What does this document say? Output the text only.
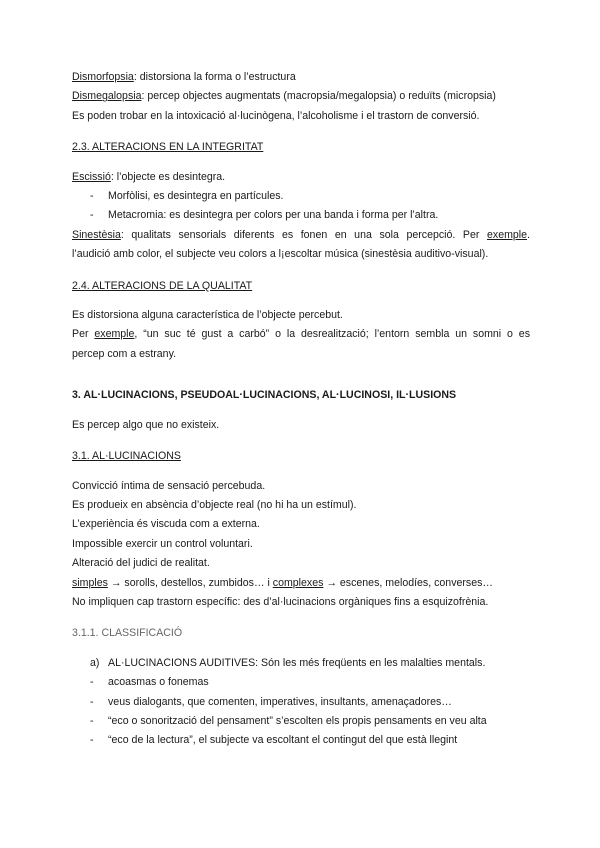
Dismorfopsia: distorsiona la forma o l’estructura

Dismegalopsia: percep objectes augmentats (macropsia/megalopsia) o reduïts (micropsia)

Es poden trobar en la intoxicació al·lucinògena, l’alcoholisme i el trastorn de conversió.

2.3. ALTERACIONS EN LA INTEGRITAT

Escissió: l’objecte es desintegra.

- Morfòlisi, es desintegra en partícules.
- Metacromia: es desintegra per colors per una banda i forma per l’altra.

Sinestèsia: qualitats sensorials diferents es fonen en una sola percepció. Per exemple.

l’audició amb color, el subjecte veu colors a l¡escoltar música (sinestèsia auditivo-visual).

2.4. ALTERACIONS DE LA QUALITAT

Es distorsiona alguna característica de l’objecte percebut.

Per exemple, “un suc té gust a carbó” o la desrealització; l’entorn sembla un somni o es

percep com a estrany.

3. AL·LUCINACIONS, PSEUDOAL·LUCINACIONS, AL·LUCINOSI, IL·LUSIONS

Es percep algo que no existeix.

3.1. AL·LUCINACIONS

Convicció íntima de sensació percebuda.

Es produeix en absència d’objecte real (no hi ha un estímul).

L’experiència és viscuda com a externa.

Impossible exercir un control voluntari.

Alteració del judici de realitat.

simples → sorolls, destellos, zumbidos… i complexes → escenes, melodíes, converses…

No impliquen cap trastorn específic: des d’al·lucinacions orgàniques fins a esquizofrènia.

3.1.1. CLASSIFICACIÓ

a) AL·LUCINACIONS AUDITIVES: Són les més freqüents en les malalties mentals.
- acoasmas o fonemas
- veus dialogants, que comenten, imperatives, insultants, amenaçadores…
- “eco o sonorització del pensament” s’escolten els propis pensaments en veu alta
- “eco de la lectura”, el subjecte va escoltant el contingut del que està llegint
